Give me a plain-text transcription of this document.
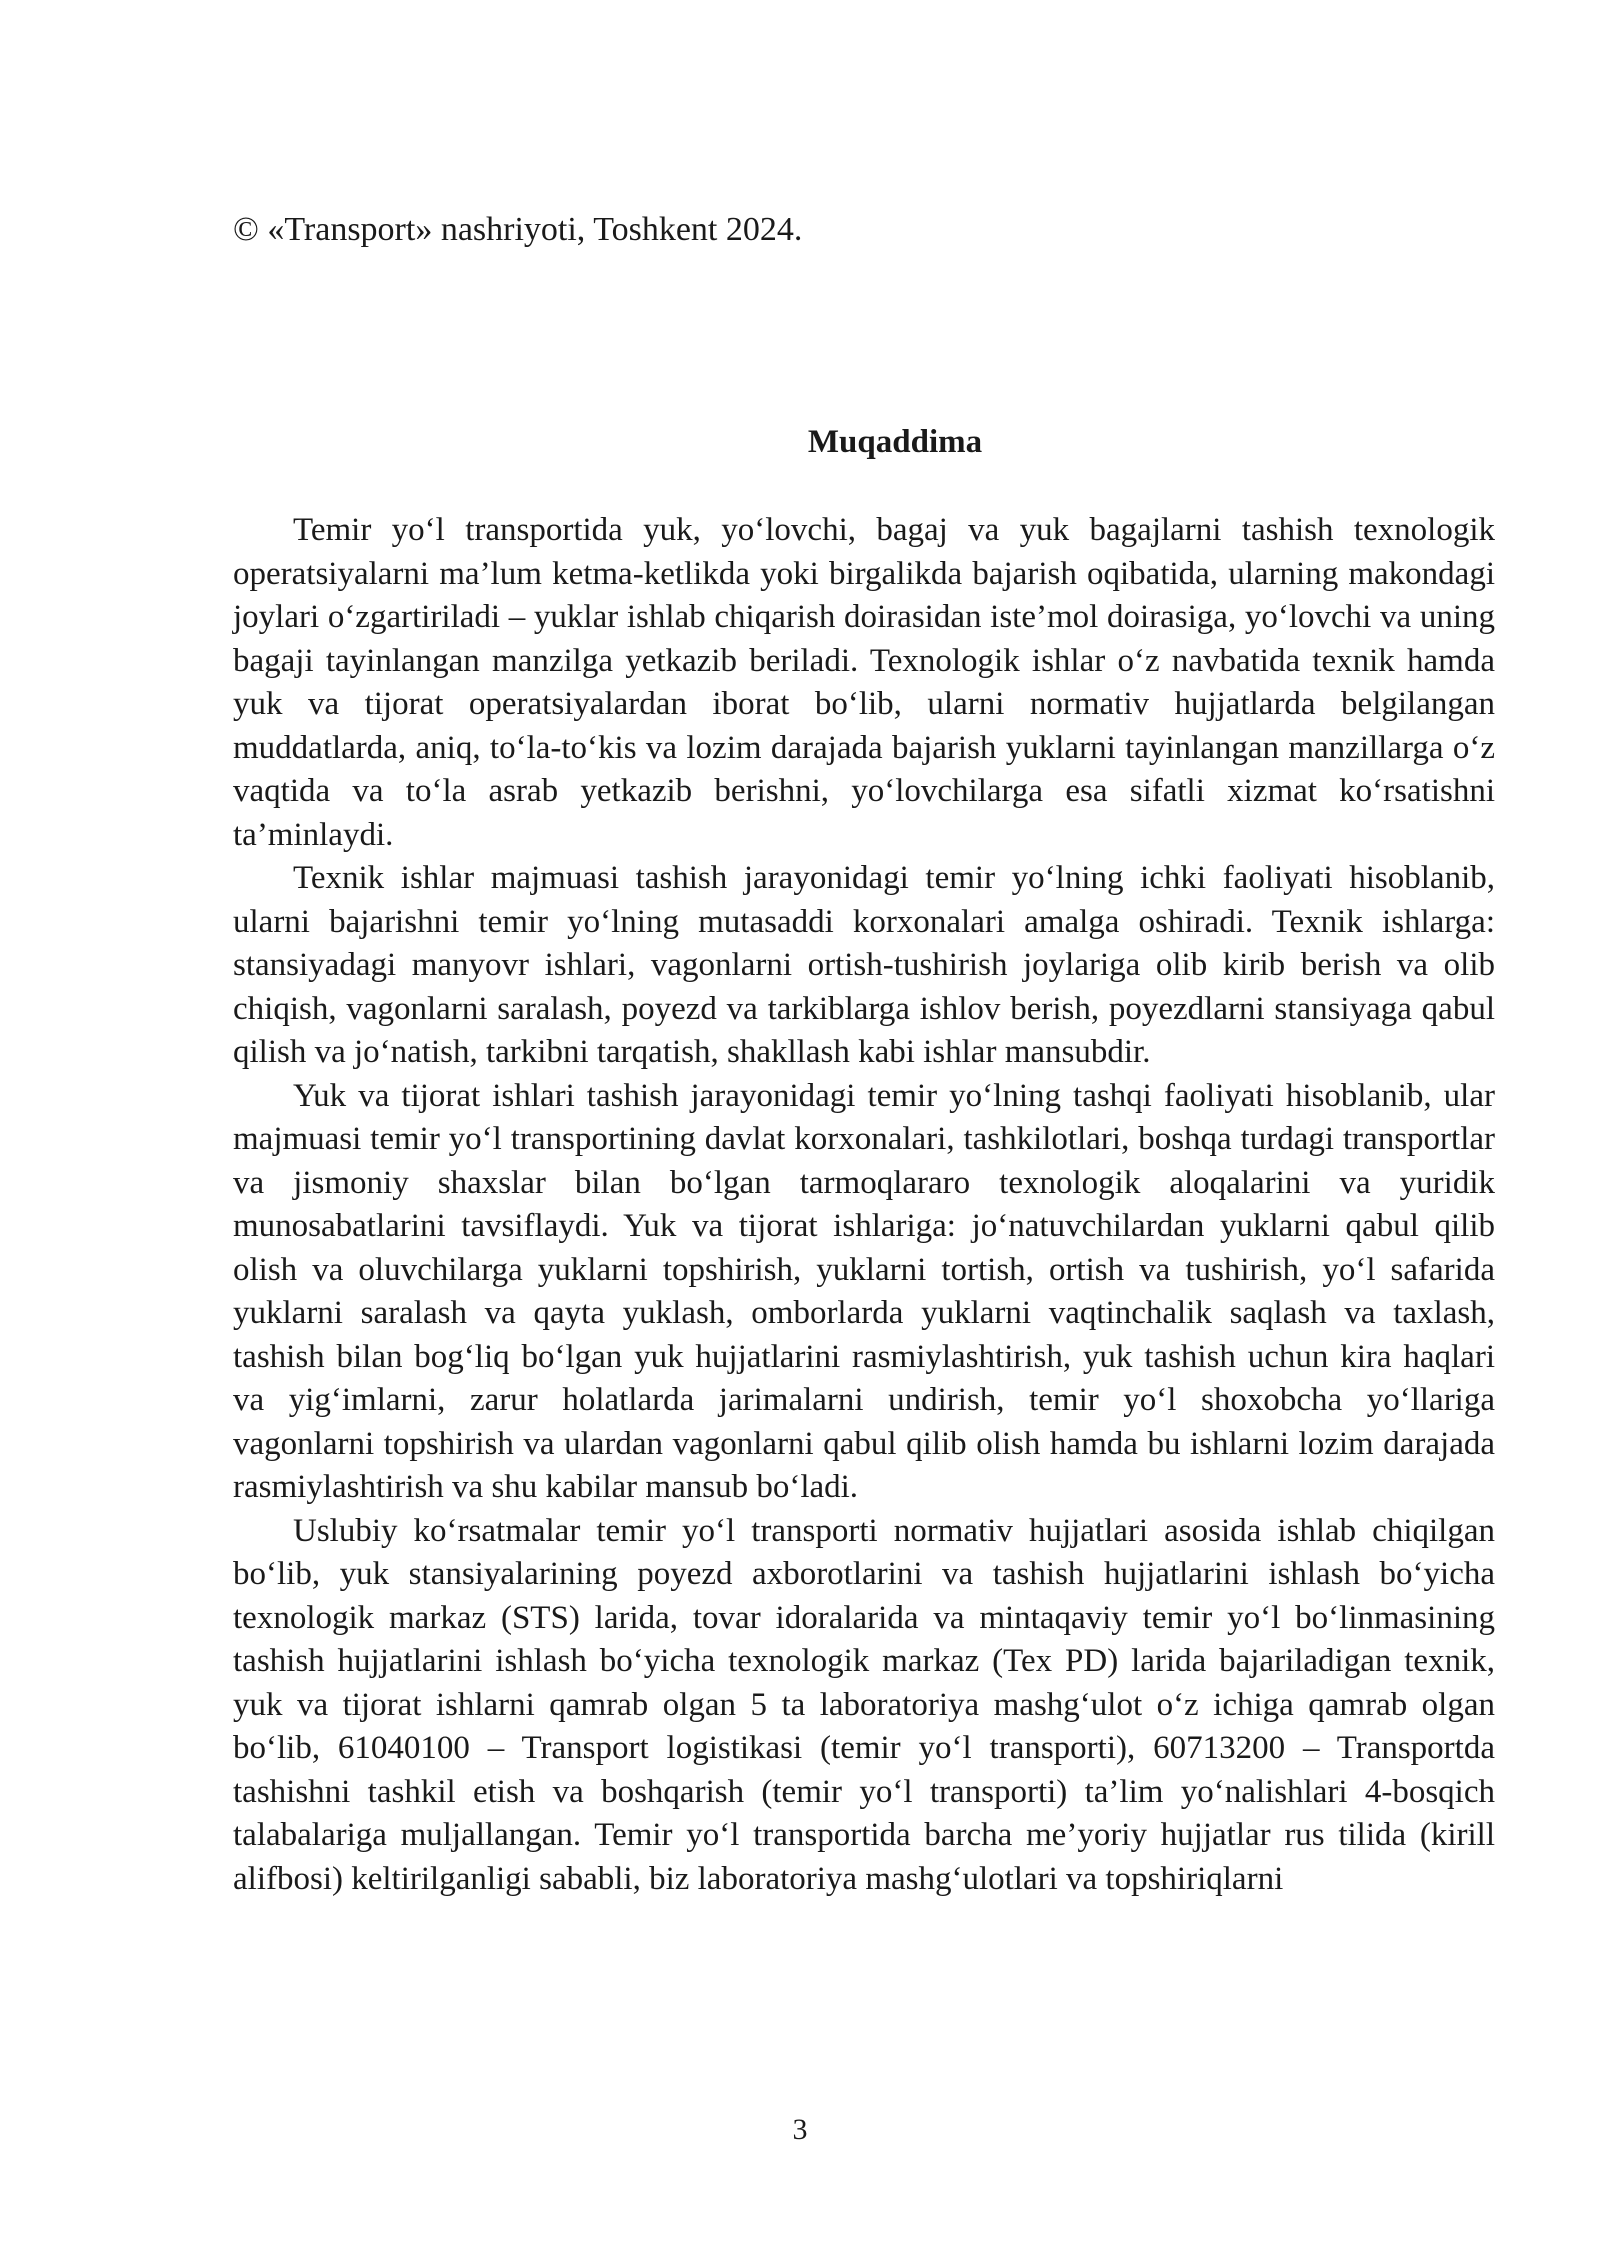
© «Transport» nashriyoti, Toshkent 2024.
Muqaddima

Temir yo‘l transportida yuk, yo‘lovchi, bagaj va yuk bagajlarni tashish texnologik operatsiyalarni ma’lum ketma-ketlikda yoki birgalikda bajarish oqibatida, ularning makondagi joylari o‘zgartiriladi – yuklar ishlab chiqarish doirasidan iste’mol doirasiga, yo‘lovchi va uning bagaji tayinlangan manzilga yetkazib beriladi. Texnologik ishlar o‘z navbatida texnik hamda yuk va tijorat operatsiyalardan iborat bo‘lib, ularni normativ hujjatlarda belgilangan muddatlarda, aniq, to‘la-to‘kis va lozim darajada bajarish yuklarni tayinlangan manzillarga o‘z vaqtida va to‘la asrab yetkazib berishni, yo‘lovchilarga esa sifatli xizmat ko‘rsatishni ta’minlaydi.

Texnik ishlar majmuasi tashish jarayonidagi temir yo‘lning ichki faoliyati hisoblanib, ularni bajarishni temir yo‘lning mutasaddi korxonalari amalga oshiradi. Texnik ishlarga: stansiyadagi manyovr ishlari, vagonlarni ortish-tushirish joylariga olib kirib berish va olib chiqish, vagonlarni saralash, poyezd va tarkiblarga ishlov berish, poyezdlarni stansiyaga qabul qilish va jo‘natish, tarkibni tarqatish, shakllash kabi ishlar mansubdir.

Yuk va tijorat ishlari tashish jarayonidagi temir yo‘lning tashqi faoliyati hisoblanib, ular majmuasi temir yo‘l transportining davlat korxonalari, tashkilotlari, boshqa turdagi transportlar va jismoniy shaxslar bilan bo‘lgan tarmoqlararo texnologik aloqalarini va yuridik munosabatlarini tavsiflaydi. Yuk va tijorat ishlariga: jo‘natuvchilardan yuklarni qabul qilib olish va oluvchilarga yuklarni topshirish, yuklarni tortish, ortish va tushirish, yo‘l safarida yuklarni saralash va qayta yuklash, omborlarda yuklarni vaqtinchalik saqlash va taxlash, tashish bilan bog‘liq bo‘lgan yuk hujjatlarini rasmiylashtirish, yuk tashish uchun kira haqlari va yig‘imlarni, zarur holatlarda jarimalarni undirish, temir yo‘l shoxobcha yo‘llariga vagonlarni topshirish va ulardan vagonlarni qabul qilib olish hamda bu ishlarni lozim darajada rasmiylashtirish va shu kabilar mansub bo‘ladi.

Uslubiy ko‘rsatmalar temir yo‘l transporti normativ hujjatlari asosida ishlab chiqilgan bo‘lib, yuk stansiyalarining poyezd axborotlarini va tashish hujjatlarini ishlash bo‘yicha texnologik markaz (STS) larida, tovar idoralarida va mintaqaviy temir yo‘l bo‘linmasining tashish hujjatlarini ishlash bo‘yicha texnologik markaz (Tex PD) larida bajariladigan texnik, yuk va tijorat ishlarni qamrab olgan 5 ta laboratoriya mashg‘ulot o‘z ichiga qamrab olgan bo‘lib, 61040100 – Transport logistikasi (temir yo‘l transporti), 60713200 – Transportda tashishni tashkil etish va boshqarish (temir yo‘l transporti) ta’lim yo‘nalishlari 4-bosqich talabalariga muljallangan. Temir yo‘l transportida barcha me’yoriy hujjatlar rus tilida (kirill alifbosi) keltirilganligi sababli, biz laboratoriya mashg‘ulotlari va topshiriqlarni

3
